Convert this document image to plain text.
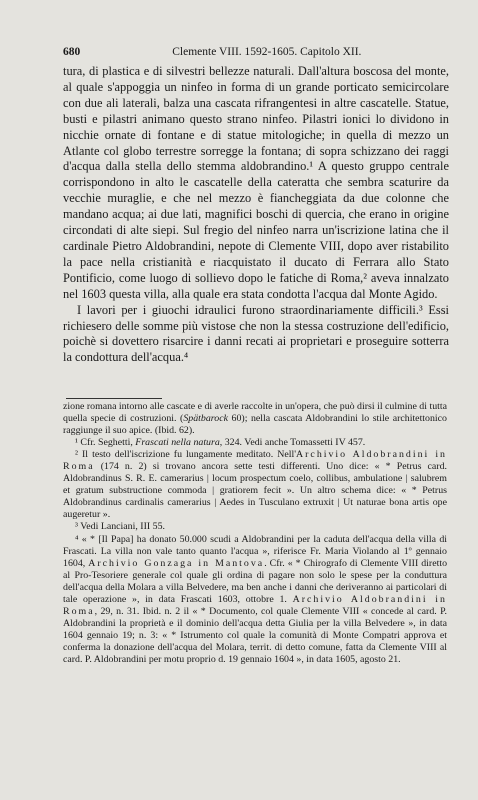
680	Clemente VIII. 1592-1605. Capitolo XII.

tura, di plastica e di silvestri bellezze naturali. Dall'altura boscosa del monte, al quale s'appoggia un ninfeo in forma di un grande porticato semicircolare con due ali laterali, balza una cascata rifrangentesi in altre cascatelle. Statue, busti e pilastri animano questo strano ninfeo. Pilastri ionici lo dividono in nicchie ornate di fontane e di statue mitologiche; in quella di mezzo un Atlante col globo terrestre sorregge la fontana; di sopra schizzano dei raggi d'acqua dalla stella dello stemma aldobrandino.¹ A questo gruppo centrale corrispondono in alto le cascatelle della cateratta che sembra scaturire da vecchie muraglie, e che nel mezzo è fiancheggiata da due colonne che mandano acqua; ai due lati, magnifici boschi di quercia, che erano in origine circondati di alte siepi. Sul fregio del ninfeo narra un'iscrizione latina che il cardinale Pietro Aldobrandini, nepote di Clemente VIII, dopo aver ristabilito la pace nella cristianità e riacquistato il ducato di Ferrara allo Stato Pontificio, come luogo di sollievo dopo le fatiche di Roma,² aveva innalzato nel 1603 questa villa, alla quale era stata condotta l'acqua dal Monte Agido.

I lavori per i giuochi idraulici furono straordinariamente difficili.³ Essi richiesero delle somme più vistose che non la stessa costruzione dell'edificio, poichè si dovettero risarcire i danni recati ai proprietari e proseguire sotterra la condottura dell'acqua.⁴

zione romana intorno alle cascate e di averle raccolte in un'opera, che può dirsi il culmine di tutta quella specie di costruzioni. (Spätbarock 60); nella cascata Aldobrandini lo stile architettonico raggiunge il suo apice. (Ibid. 62).

¹ Cfr. Seghetti, Frascati nella natura, 324. Vedi anche Tomassetti IV 457.

² Il testo dell'iscrizione fu lungamente meditato. Nell'Archivio Aldobrandini in Roma (174 n. 2) si trovano ancora sette testi differenti. Uno dice: « * Petrus card. Aldobrandinus S. R. E. camerarius | locum prospectum coelo, collibus, ambulatione | salubrem et gratum substructione commoda | gratiorem fecit ». Un altro schema dice: « * Petrus Aldobrandinus cardinalis camerarius | Aedes in Tusculano extruxit | Ut naturae bona artis ope augeretur ».

³ Vedi Lanciani, III 55.

⁴ « * [Il Papa] ha donato 50.000 scudi a Aldobrandini per la caduta dell'acqua della villa di Frascati. La villa non vale tanto quanto l'acqua », riferisce Fr. Maria Violando al 1º gennaio 1604, Archivio Gonzaga in Mantova. Cfr. « * Chirografo di Clemente VIII diretto al Pro-Tesoriere generale col quale gli ordina di pagare non solo le spese per la conduttura dell'acqua della Molara a villa Belvedere, ma ben anche i danni che deriveranno ai particolari di tale operazione », in data Frascati 1603, ottobre 1. Archivio Aldobrandini in Roma, 29, n. 31. Ibid. n. 2 il « * Documento, col quale Clemente VIII « concede al card. P. Aldobrandini la proprietà e il dominio dell'acqua detta Giulia per la villa Belvedere », in data 1604 gennaio 19; n. 3: « * Istrumento col quale la comunità di Monte Compatri approva et conferma la donazione dell'acqua del Molara, territ. di detto comune, fatta da Clemente VIII al card. P. Aldobrandini per motu proprio d. 19 gennaio 1604 », in data 1605, agosto 21.
